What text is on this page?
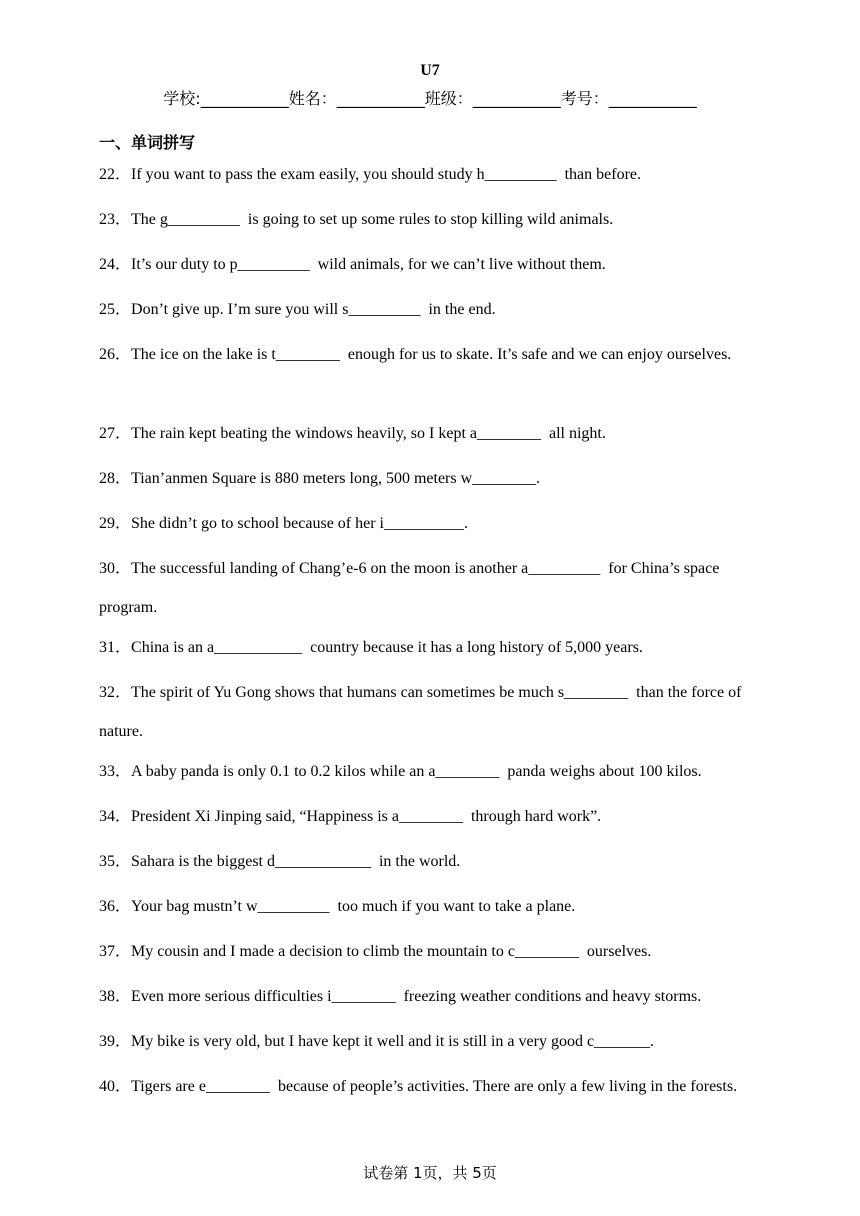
U7
学校:___________姓名：___________班级：___________考号：___________
一、单词拼写
22．If you want to pass the exam easily, you should study h_________  than before.
23．The g_________  is going to set up some rules to stop killing wild animals.
24．It’s our duty to p_________  wild animals, for we can’t live without them.
25．Don’t give up. I’m sure you will s_________  in the end.
26．The ice on the lake is t________  enough for us to skate. It’s safe and we can enjoy ourselves.
27．The rain kept beating the windows heavily, so I kept a________  all night.
28．Tian’anmen Square is 880 meters long, 500 meters w________.
29．She didn’t go to school because of her i__________.
30．The successful landing of Chang’e-6 on the moon is another a_________  for China’s space program.
31．China is an a___________  country because it has a long history of 5,000 years.
32．The spirit of Yu Gong shows that humans can sometimes be much s________  than the force of nature.
33．A baby panda is only 0.1 to 0.2 kilos while an a________  panda weighs about 100 kilos.
34．President Xi Jinping said, “Happiness is a________  through hard work”.
35．Sahara is the biggest d____________  in the world.
36．Your bag mustn’t w_________  too much if you want to take a plane.
37．My cousin and I made a decision to climb the mountain to c________  ourselves.
38．Even more serious difficulties i________  freezing weather conditions and heavy storms.
39．My bike is very old, but I have kept it well and it is still in a very good c_______.
40．Tigers are e________  because of people’s activities. There are only a few living in the forests.
试卷第 1页，共 5页
